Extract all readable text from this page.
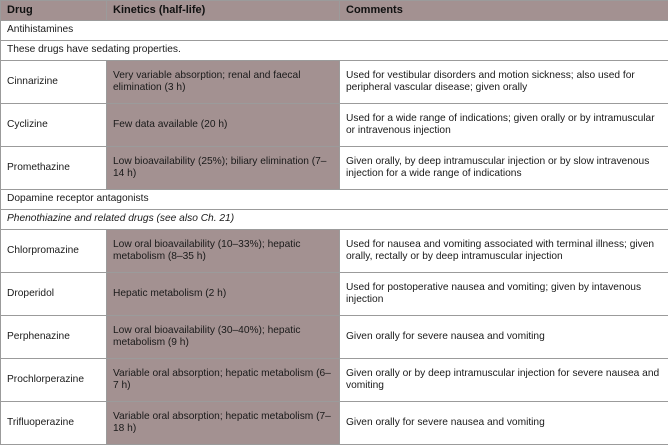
Drug	Kinetics (half-life)	Comments
Antihistamines		
These drugs have sedating properties.		
Cinnarizine	Very variable absorption; renal and faecal elimination (3 h)	Used for vestibular disorders and motion sickness; also used for peripheral vascular disease; given orally
Cyclizine	Few data available (20 h)	Used for a wide range of indications; given orally or by intramuscular or intravenous injection
Promethazine	Low bioavailability (25%); biliary elimination (7–14 h)	Given orally, by deep intramuscular injection or by slow intravenous injection for a wide range of indications
Dopamine receptor antagonists		
Phenothiazine and related drugs (see also Ch. 21)		
Chlorpromazine	Low oral bioavailability (10–33%); hepatic metabolism (8–35 h)	Used for nausea and vomiting associated with terminal illness; given orally, rectally or by deep intramuscular injection
Droperidol	Hepatic metabolism (2 h)	Used for postoperative nausea and vomiting; given by intavenous injection
Perphenazine	Low oral bioavailability (30–40%); hepatic metabolism (9 h)	Given orally for severe nausea and vomiting
Prochlorperazine	Variable oral absorption; hepatic metabolism (6–7 h)	Given orally or by deep intramuscular injection for severe nausea and vomiting
Trifluoperazine	Variable oral absorption; hepatic metabolism (7–18 h)	Given orally for severe nausea and vomiting
